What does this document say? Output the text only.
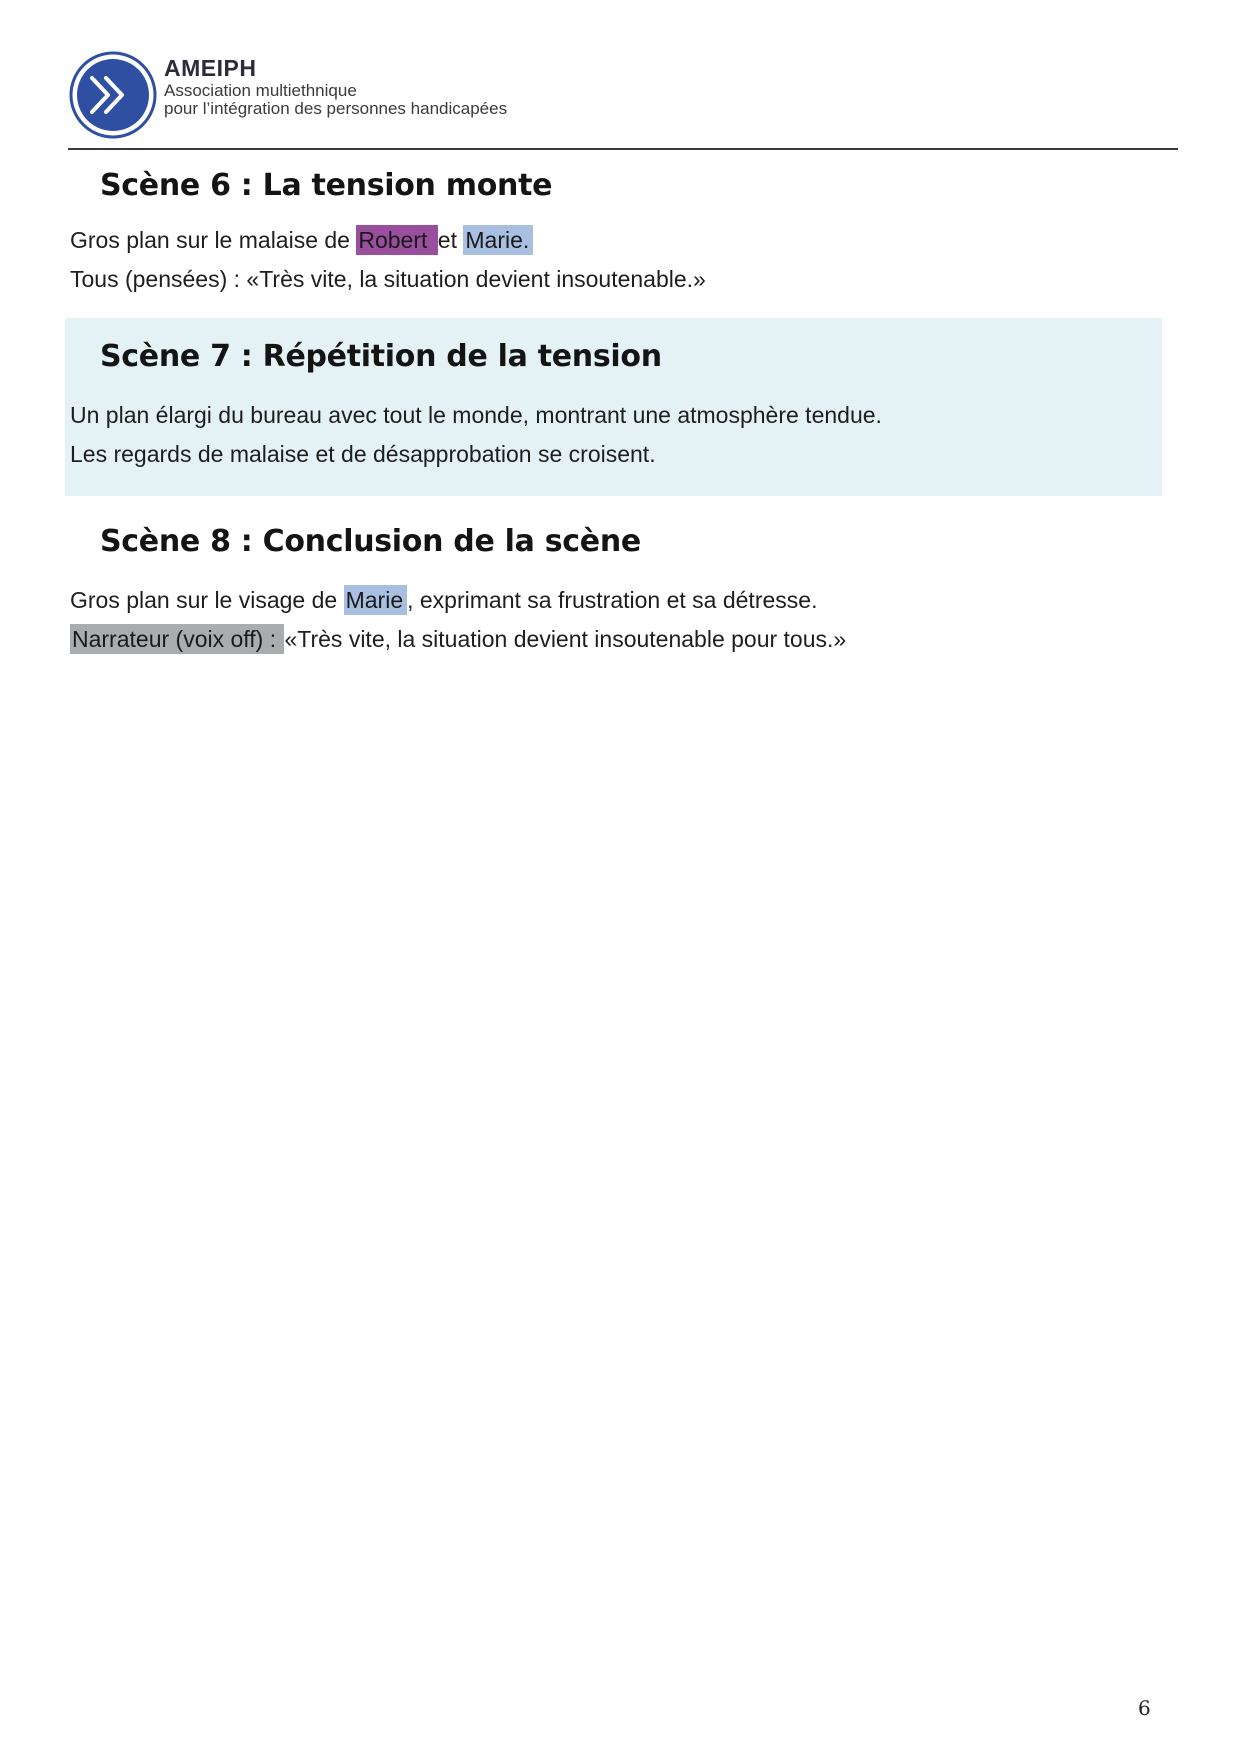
AMEIPH
Association multiethnique
pour l’intégration des personnes handicapées
Scène 6 : La tension monte

Gros plan sur le malaise de Robert et Marie.

Tous (pensées) : «Très vite, la situation devient insoutenable.»

Scène 7 : Répétition de la tension

Un plan élargi du bureau avec tout le monde, montrant une atmosphère tendue.

Les regards de malaise et de désapprobation se croisent.

Scène 8 : Conclusion de la scène

Gros plan sur le visage de Marie , exprimant sa frustration et sa détresse.

Narrateur (voix off) : «Très vite, la situation devient insoutenable pour tous.»

6
